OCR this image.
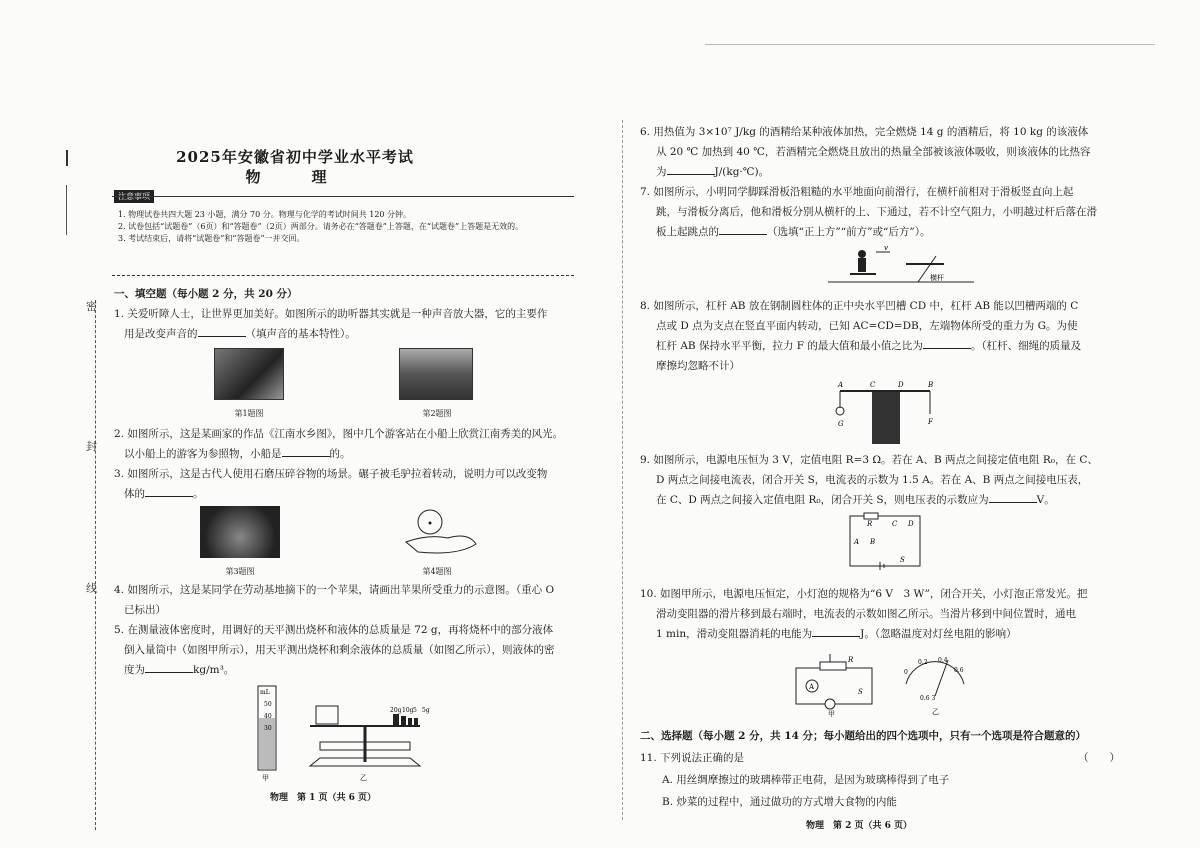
密
封
线
2025年安徽省初中学业水平考试
物　理
注意事项
1. 物理试卷共四大题 23 小题，满分 70 分。物理与化学的考试时间共 120 分钟。
2. 试卷包括“试题卷”（6页）和“答题卷”（2页）两部分。请务必在“答题卷”上答题，在“试题卷”上答题是无效的。
3. 考试结束后，请将“试题卷”和“答题卷”一并交回。
一、填空题（每小题 2 分，共 20 分）
1. 关爱听障人士，让世界更加美好。如图所示的助听器其实就是一种声音放大器，它的主要作
用是改变声音的	（填声音的基本特性）。
第1题图	第2题图
2. 如图所示，这是某画家的作品《江南水乡图》，图中几个游客站在小船上欣赏江南秀美的风光。
以小船上的游客为参照物，小船是	的。
3. 如图所示，这是古代人使用石磨压碎谷物的场景。碾子被毛驴拉着转动，说明力可以改变物
体的	。
第3题图	第4题图
4. 如图所示，这是某同学在劳动基地摘下的一个苹果，请画出苹果所受重力的示意图。（重心 O
已标出）
5. 在测量液体密度时，用调好的天平测出烧杯和液体的总质量是 72 g，再将烧杯中的部分液体
倒入量筒中（如图甲所示），用天平测出烧杯和剩余液体的总质量（如图乙所示），则液体的密
度为	kg/m³。
mL
50
40
30
甲
20g 10g 5 5g
乙
物理　第 1 页（共 6 页）
6. 用热值为 3×10⁷ J/kg 的酒精给某种液体加热，完全燃烧 14 g 的酒精后，将 10 kg 的该液体
从 20 ℃ 加热到 40 ℃，若酒精完全燃烧且放出的热量全部被该液体吸收，则该液体的比热容
为	J/(kg·℃)。
7. 如图所示，小明同学脚踩滑板沿粗糙的水平地面向前滑行，在横杆前相对于滑板竖直向上起
跳，与滑板分离后，他和滑板分别从横杆的上、下通过，若不计空气阻力，小明越过杆后落在滑
板上起跳点的	（选填“正上方”“前方”或“后方”）。
v
横杆
8. 如图所示，杠杆 AB 放在钢制圆柱体的正中央水平凹槽 CD 中，杠杆 AB 能以凹槽两端的 C
点或 D 点为支点在竖直平面内转动，已知 AC=CD=DB，左端物体所受的重力为 G。为使
杠杆 AB 保持水平平衡，拉力 F 的最大值和最小值之比为	。（杠杆、细绳的质量及
摩擦均忽略不计）
A	C	D	B
G	F
9. 如图所示，电源电压恒为 3 V，定值电阻 R=3 Ω。若在 A、B 两点之间接定值电阻 R₀，在 C、
D 两点之间接电流表，闭合开关 S，电流表的示数为 1.5 A。若在 A、B 两点之间接电压表，
在 C、D 两点之间接入定值电阻 R₀，闭合开关 S，则电压表的示数应为	V。
R	C D
A B
S
10. 如图甲所示，电源电压恒定，小灯泡的规格为“6 V　3 W”，闭合开关，小灯泡正常发光。把
滑动变阻器的滑片移到最右端时，电流表的示数如图乙所示。当滑片移到中间位置时，通电
1 min，滑动变阻器消耗的电能为	J。（忽略温度对灯丝电阻的影响）
R
A
S
甲
0
0.2 0.4
0.6
0.6 3
乙
二、选择题（每小题 2 分，共 14 分；每小题给出的四个选项中，只有一个选项是符合题意的）
11. 下列说法正确的是	（　　）
A. 用丝绸摩擦过的玻璃棒带正电荷，是因为玻璃棒得到了电子
B. 炒菜的过程中，通过做功的方式增大食物的内能
物理　第 2 页（共 6 页）
